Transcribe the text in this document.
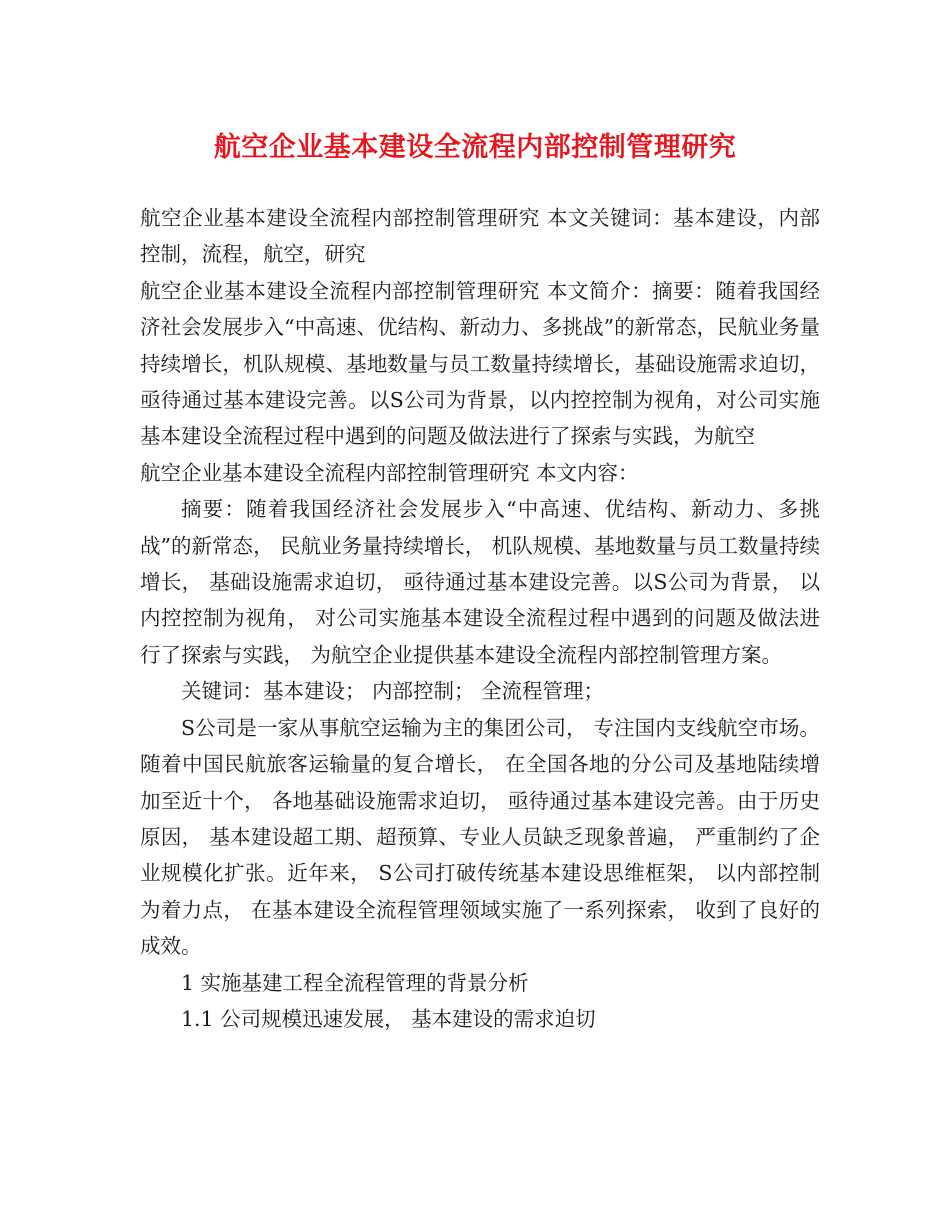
航空企业基本建设全流程内部控制管理研究

航空企业基本建设全流程内部控制管理研究 本文关键词：基本建设，内部控制，流程，航空，研究

航空企业基本建设全流程内部控制管理研究 本文简介：摘要：随着我国经济社会发展步入“中高速、优结构、新动力、多挑战”的新常态，民航业务量持续增长，机队规模、基地数量与员工数量持续增长，基础设施需求迫切，亟待通过基本建设完善。以S公司为背景，以内控控制为视角，对公司实施基本建设全流程过程中遇到的问题及做法进行了探索与实践，为航空

航空企业基本建设全流程内部控制管理研究 本文内容：

摘要：随着我国经济社会发展步入“中高速、优结构、新动力、多挑战”的新常态， 民航业务量持续增长， 机队规模、基地数量与员工数量持续增长， 基础设施需求迫切， 亟待通过基本建设完善。以S公司为背景， 以内控控制为视角， 对公司实施基本建设全流程过程中遇到的问题及做法进行了探索与实践， 为航空企业提供基本建设全流程内部控制管理方案。

关键词：基本建设； 内部控制； 全流程管理；

S公司是一家从事航空运输为主的集团公司， 专注国内支线航空市场。随着中国民航旅客运输量的复合增长， 在全国各地的分公司及基地陆续增加至近十个， 各地基础设施需求迫切， 亟待通过基本建设完善。由于历史原因， 基本建设超工期、超预算、专业人员缺乏现象普遍， 严重制约了企业规模化扩张。近年来， S公司打破传统基本建设思维框架， 以内部控制为着力点， 在基本建设全流程管理领域实施了一系列探索， 收到了良好的成效。

1 实施基建工程全流程管理的背景分析

1.1 公司规模迅速发展， 基本建设的需求迫切
